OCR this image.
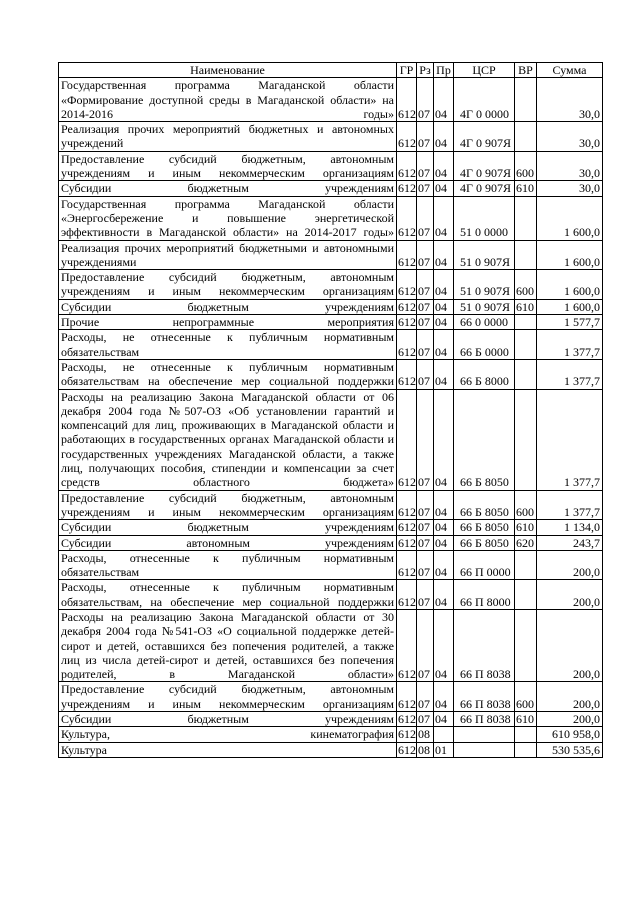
Наименование	ГР	Рз	Пр	ЦСР	ВР	Сумма
Государственная программа Магаданской области «Формирование доступной среды в Магаданской области» на 2014-2016 годы»	612	07	04	4Г 0 0000		30,0
Реализация прочих мероприятий бюджетных и автономных учреждений	612	07	04	4Г 0 907Я		30,0
Предоставление субсидий бюджетным, автономным учреждениям и иным некоммерческим организациям	612	07	04	4Г 0 907Я	600	30,0
Субсидии бюджетным учреждениям	612	07	04	4Г 0 907Я	610	30,0
Государственная программа Магаданской области «Энергосбережение и повышение энергетической эффективности в Магаданской области» на 2014-2017 годы»	612	07	04	51 0 0000		1 600,0
Реализация прочих мероприятий бюджетными и автономными учреждениями	612	07	04	51 0 907Я		1 600,0
Предоставление субсидий бюджетным, автономным учреждениям и иным некоммерческим организациям	612	07	04	51 0 907Я	600	1 600,0
Субсидии бюджетным учреждениям	612	07	04	51 0 907Я	610	1 600,0
Прочие непрограммные мероприятия	612	07	04	66 0 0000		1 577,7
Расходы, не отнесенные к публичным нормативным обязательствам	612	07	04	66 Б 0000		1 377,7
Расходы, не отнесенные к публичным нормативным обязательствам на обеспечение мер социальной поддержки	612	07	04	66 Б 8000		1 377,7
Расходы на реализацию Закона Магаданской области от 06 декабря 2004 года №507-ОЗ «Об установлении гарантий и компенсаций для лиц, проживающих в Магаданской области и работающих в государственных органах Магаданской области и государственных учреждениях Магаданской области, а также лиц, получающих пособия, стипендии и компенсации за счет средств областного бюджета»	612	07	04	66 Б 8050		1 377,7
Предоставление субсидий бюджетным, автономным учреждениям и иным некоммерческим организациям	612	07	04	66 Б 8050	600	1 377,7
Субсидии бюджетным учреждениям	612	07	04	66 Б 8050	610	1 134,0
Субсидии автономным учреждениям	612	07	04	66 Б 8050	620	243,7
Расходы, отнесенные к публичным нормативным обязательствам	612	07	04	66 П 0000		200,0
Расходы, отнесенные к публичным нормативным обязательствам, на обеспечение мер социальной поддержки	612	07	04	66 П 8000		200,0
Расходы на реализацию Закона Магаданской области от 30 декабря 2004 года №541-ОЗ «О социальной поддержке детей-сирот и детей, оставшихся без попечения родителей, а также лиц из числа детей-сирот и детей, оставшихся без попечения родителей, в Магаданской области»	612	07	04	66 П 8038		200,0
Предоставление субсидий бюджетным, автономным учреждениям и иным некоммерческим организациям	612	07	04	66 П 8038	600	200,0
Субсидии бюджетным учреждениям	612	07	04	66 П 8038	610	200,0
Культура, кинематография	612	08				610 958,0
Культура	612	08	01			530 535,6
